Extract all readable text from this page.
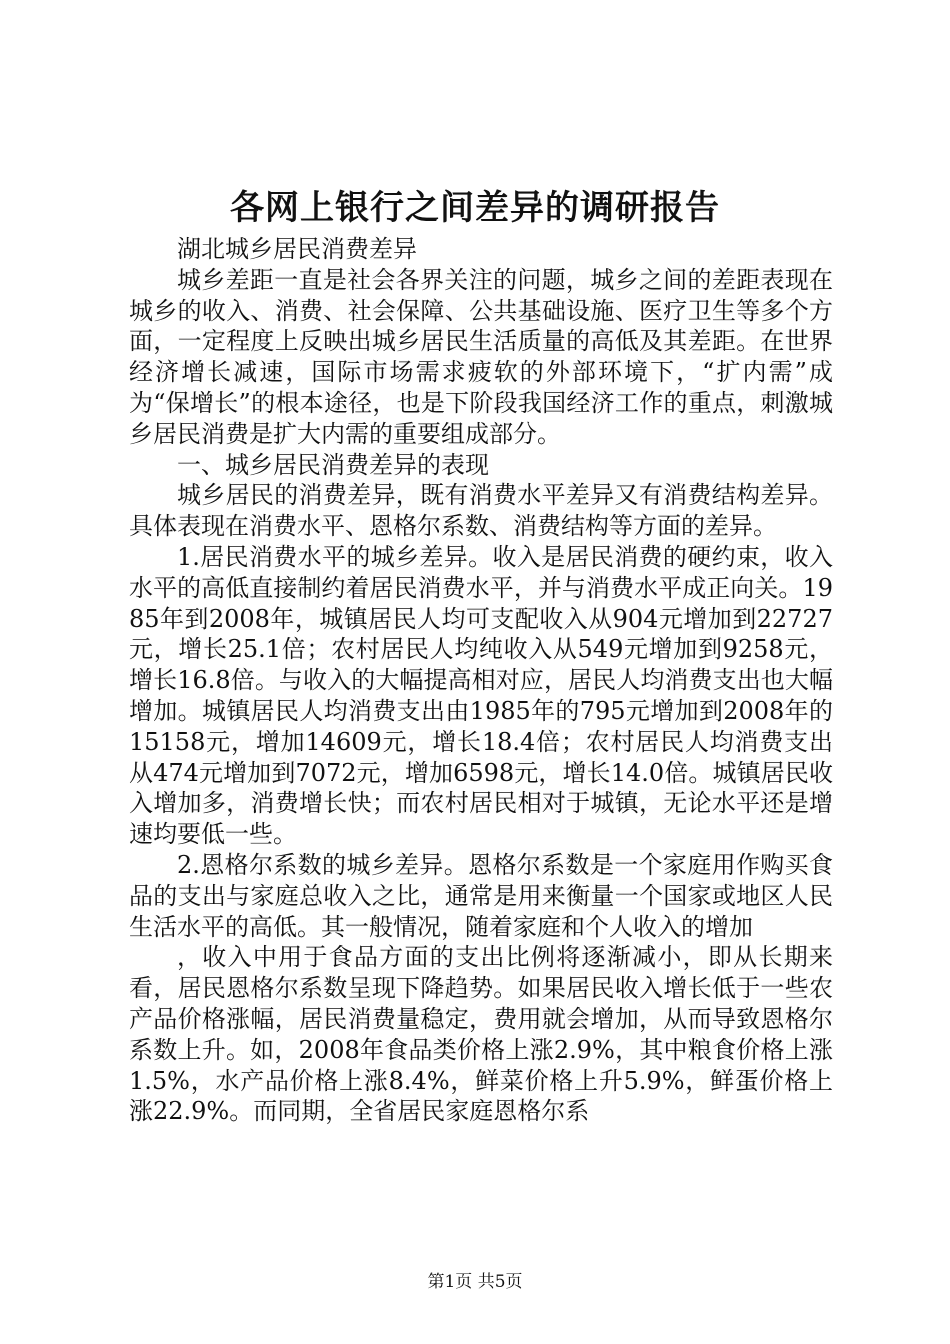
各网上银行之间差异的调研报告

湖北城乡居民消费差异

城乡差距一直是社会各界关注的问题，城乡之间的差距表现在城乡的收入、消费、社会保障、公共基础设施、医疗卫生等多个方面，一定程度上反映出城乡居民生活质量的高低及其差距。在世界经济增长减速，国际市场需求疲软的外部环境下，“扩内需”成为“保增长”的根本途径，也是下阶段我国经济工作的重点，刺激城乡居民消费是扩大内需的重要组成部分。

一、城乡居民消费差异的表现

城乡居民的消费差异，既有消费水平差异又有消费结构差异。具体表现在消费水平、恩格尔系数、消费结构等方面的差异。

1.居民消费水平的城乡差异。收入是居民消费的硬约束，收入水平的高低直接制约着居民消费水平，并与消费水平成正向关。1985年到2008年，城镇居民人均可支配收入从904元增加到22727元，增长25.1倍；农村居民人均纯收入从549元增加到9258元，增长16.8倍。与收入的大幅提高相对应，居民人均消费支出也大幅增加。城镇居民人均消费支出由1985年的795元增加到2008年的15158元，增加14609元，增长18.4倍；农村居民人均消费支出从474元增加到7072元，增加6598元，增长14.0倍。城镇居民收入增加多，消费增长快；而农村居民相对于城镇，无论水平还是增速均要低一些。

2.恩格尔系数的城乡差异。恩格尔系数是一个家庭用作购买食品的支出与家庭总收入之比，通常是用来衡量一个国家或地区人民生活水平的高低。其一般情况，随着家庭和个人收入的增加

，收入中用于食品方面的支出比例将逐渐减小，即从长期来看，居民恩格尔系数呈现下降趋势。如果居民收入增长低于一些农产品价格涨幅，居民消费量稳定，费用就会增加，从而导致恩格尔系数上升。如，2008年食品类价格上涨2.9%，其中粮食价格上涨1.5%，水产品价格上涨8.4%，鲜菜价格上升5.9%，鲜蛋价格上涨22.9%。而同期，全省居民家庭恩格尔系

第1页 共5页
